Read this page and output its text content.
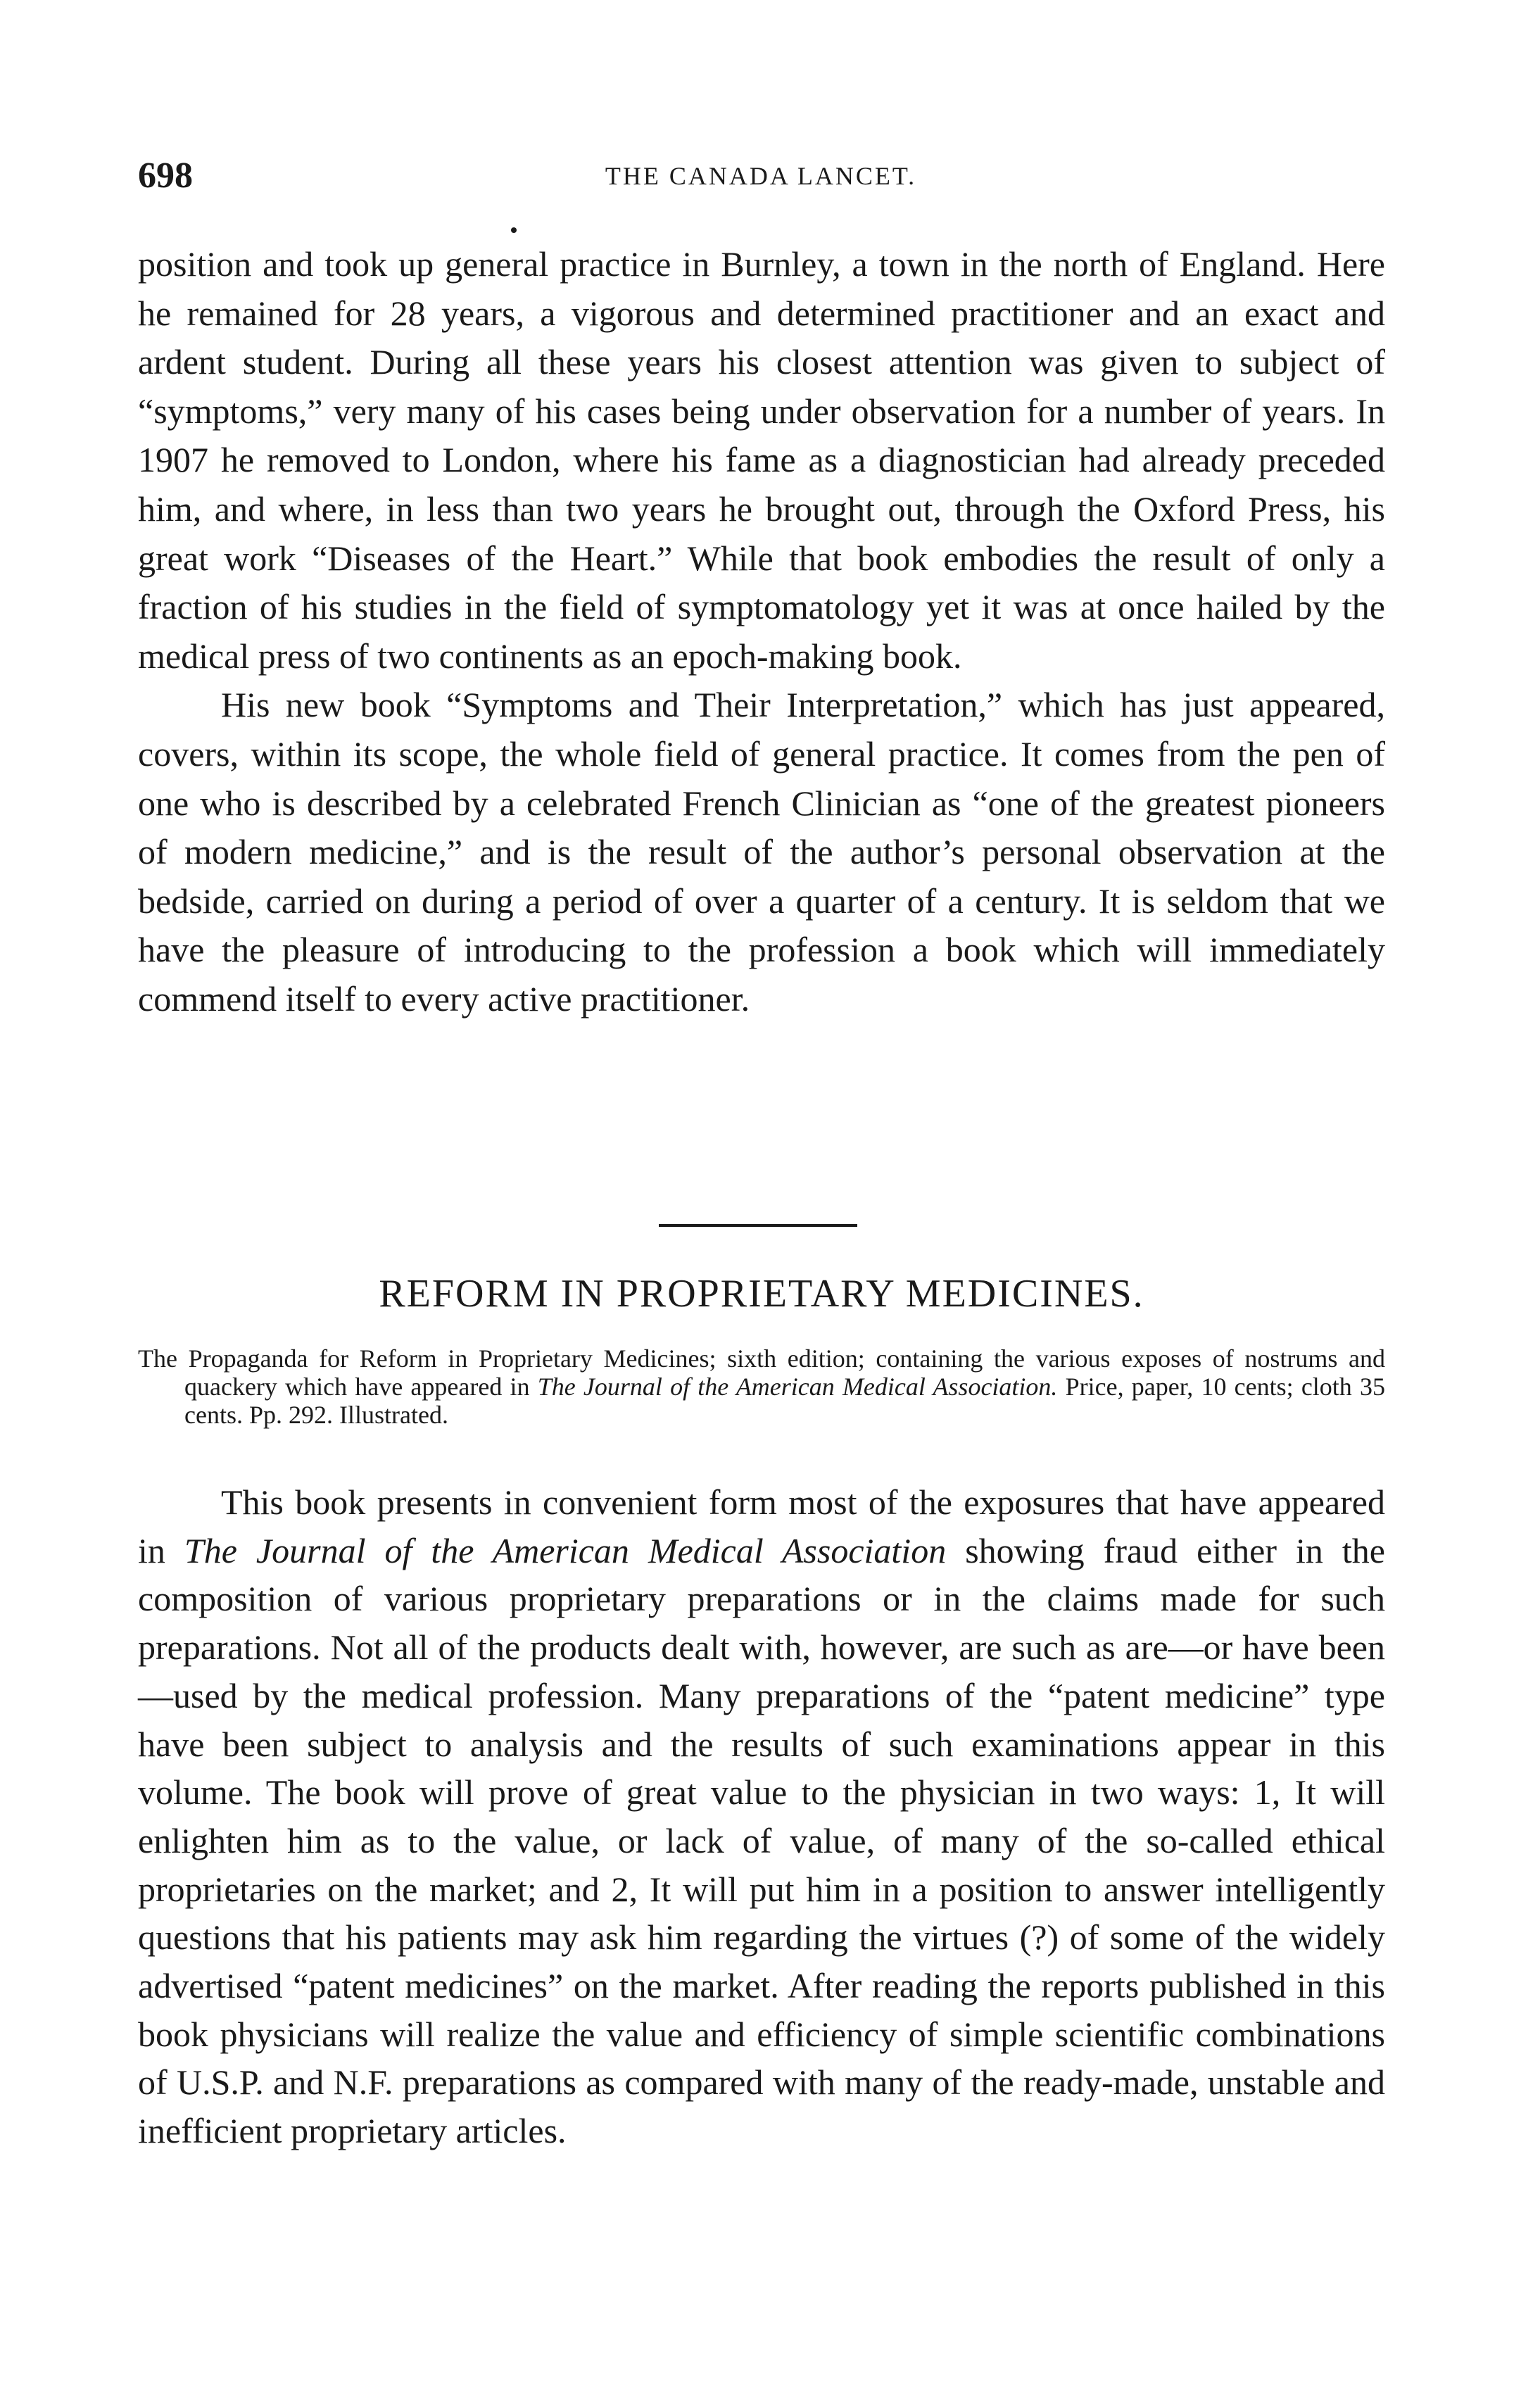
698	THE CANADA LANCET.

position and took up general practice in Burnley, a town in the north of England. Here he remained for 28 years, a vigorous and determined practitioner and an exact and ardent student. During all these years his closest attention was given to subject of “symptoms,” very many of his cases being under observation for a number of years. In 1907 he removed to London, where his fame as a diagnostician had already preceded him, and where, in less than two years he brought out, through the Oxford Press, his great work “Diseases of the Heart.” While that book embodies the result of only a fraction of his studies in the field of symptomatology yet it was at once hailed by the medical press of two continents as an epoch-making book.

His new book “Symptoms and Their Interpretation,” which has just appeared, covers, within its scope, the whole field of general practice. It comes from the pen of one who is described by a celebrated French Clinician as “one of the greatest pioneers of modern medicine,” and is the result of the author’s personal observation at the bedside, carried on during a period of over a quarter of a century. It is seldom that we have the pleasure of introducing to the profession a book which will immediately commend itself to every active practitioner.

REFORM IN PROPRIETARY MEDICINES.
The Propaganda for Reform in Proprietary Medicines; sixth edition; containing the various exposes of nostrums and quackery which have appeared in The Journal of the American Medical Association. Price, paper, 10 cents; cloth 35 cents. Pp. 292. Illustrated.

This book presents in convenient form most of the exposures that have appeared in The Journal of the American Medical Association showing fraud either in the composition of various proprietary preparations or in the claims made for such preparations. Not all of the products dealt with, however, are such as are—or have been—used by the medical profession. Many preparations of the “patent medicine” type have been subject to analysis and the results of such examinations appear in this volume. The book will prove of great value to the physician in two ways: 1, It will enlighten him as to the value, or lack of value, of many of the so-called ethical proprietaries on the market; and 2, It will put him in a position to answer intelligently questions that his patients may ask him regarding the virtues (?) of some of the widely advertised “patent medicines” on the market. After reading the reports published in this book physicians will realize the value and efficiency of simple scientific combinations of U.S.P. and N.F. preparations as compared with many of the ready-made, unstable and inefficient proprietary articles.
